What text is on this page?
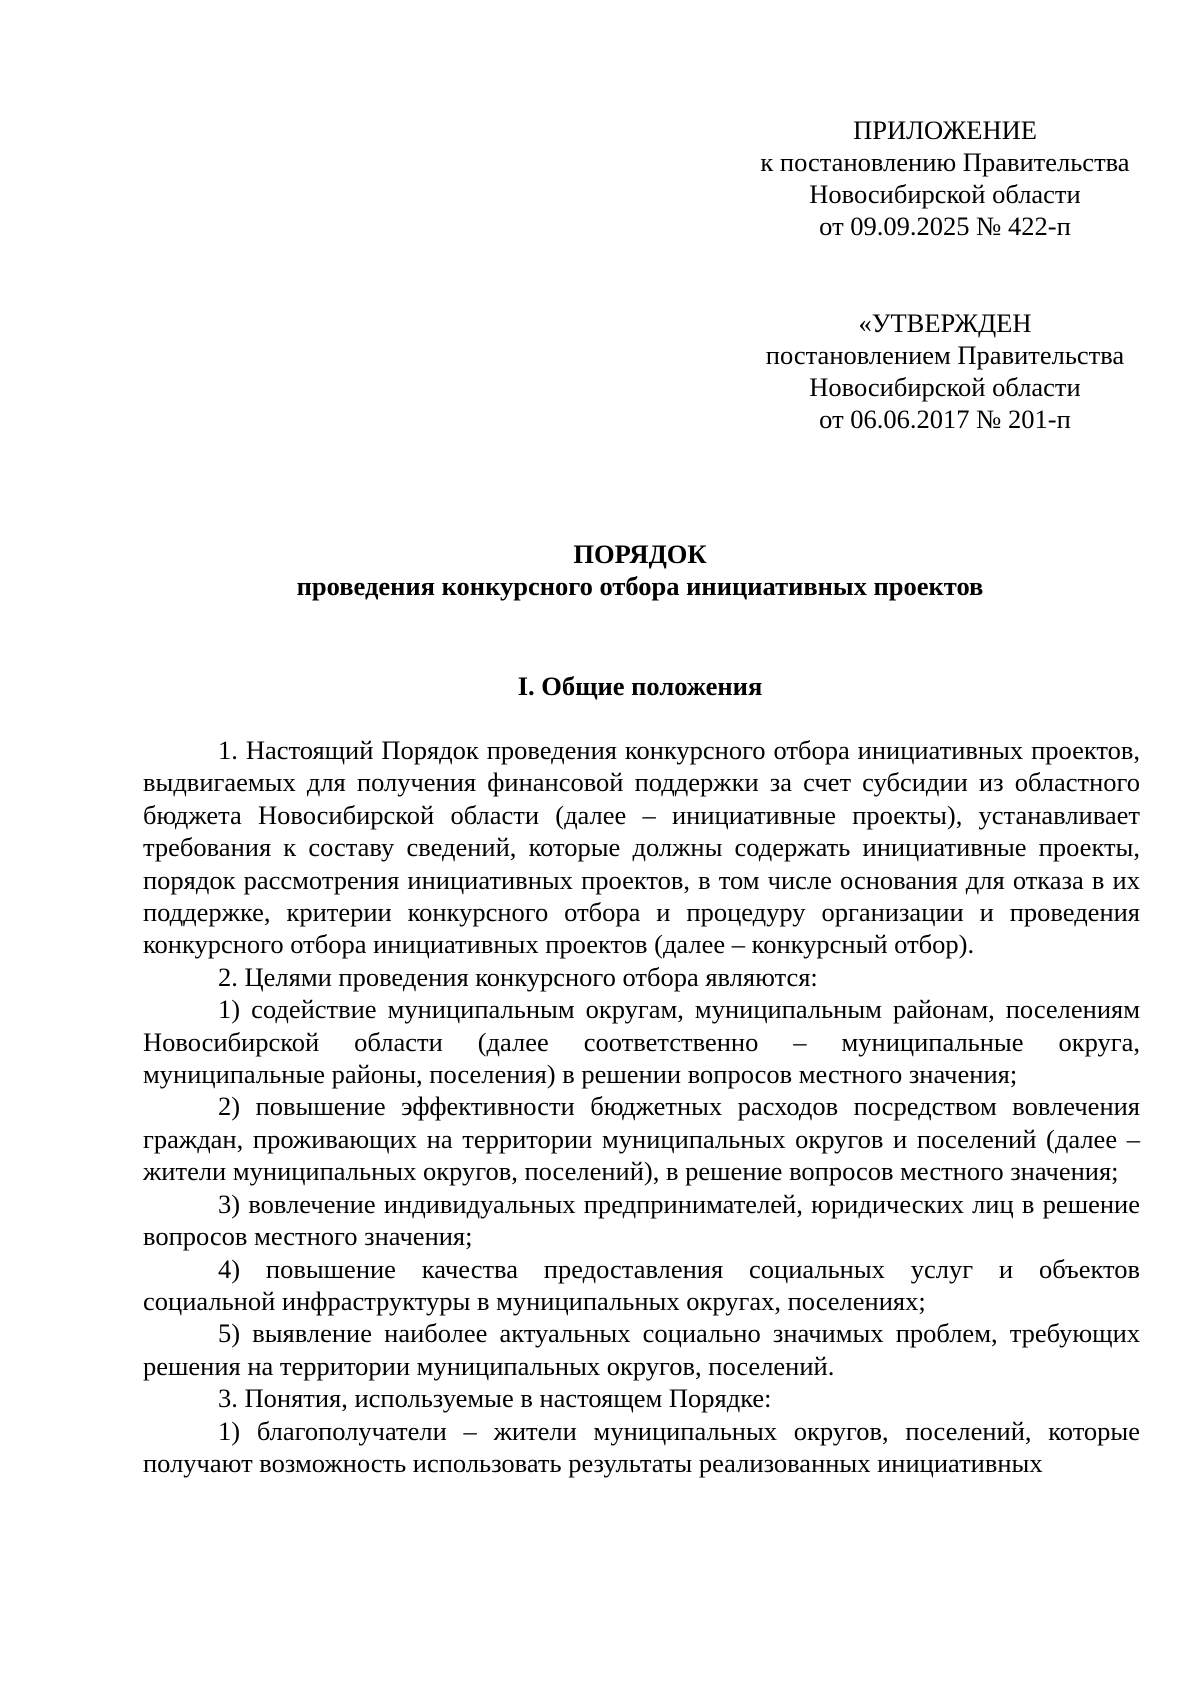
ПРИЛОЖЕНИЕ
к постановлению Правительства
Новосибирской области
от 09.09.2025 № 422-п
«УТВЕРЖДЕН
постановлением Правительства
Новосибирской области
от 06.06.2017 № 201-п
ПОРЯДОК
проведения конкурсного отбора инициативных проектов
I. Общие положения

1. Настоящий Порядок проведения конкурсного отбора инициативных проектов, выдвигаемых для получения финансовой поддержки за счет субсидии из областного бюджета Новосибирской области (далее – инициативные проекты), устанавливает требования к составу сведений, которые должны содержать инициативные проекты, порядок рассмотрения инициативных проектов, в том числе основания для отказа в их поддержке, критерии конкурсного отбора и процедуру организации и проведения конкурсного отбора инициативных проектов (далее – конкурсный отбор).

2. Целями проведения конкурсного отбора являются:

1) содействие муниципальным округам, муниципальным районам, поселениям Новосибирской области (далее соответственно – муниципальные округа, муниципальные районы, поселения) в решении вопросов местного значения;

2) повышение эффективности бюджетных расходов посредством вовлечения граждан, проживающих на территории муниципальных округов и поселений (далее – жители муниципальных округов, поселений), в решение вопросов местного значения;

3) вовлечение индивидуальных предпринимателей, юридических лиц в решение вопросов местного значения;

4) повышение качества предоставления социальных услуг и объектов социальной инфраструктуры в муниципальных округах, поселениях;

5) выявление наиболее актуальных социально значимых проблем, требующих решения на территории муниципальных округов, поселений.

3. Понятия, используемые в настоящем Порядке:

1) благополучатели – жители муниципальных округов, поселений, которые получают возможность использовать результаты реализованных инициативных
